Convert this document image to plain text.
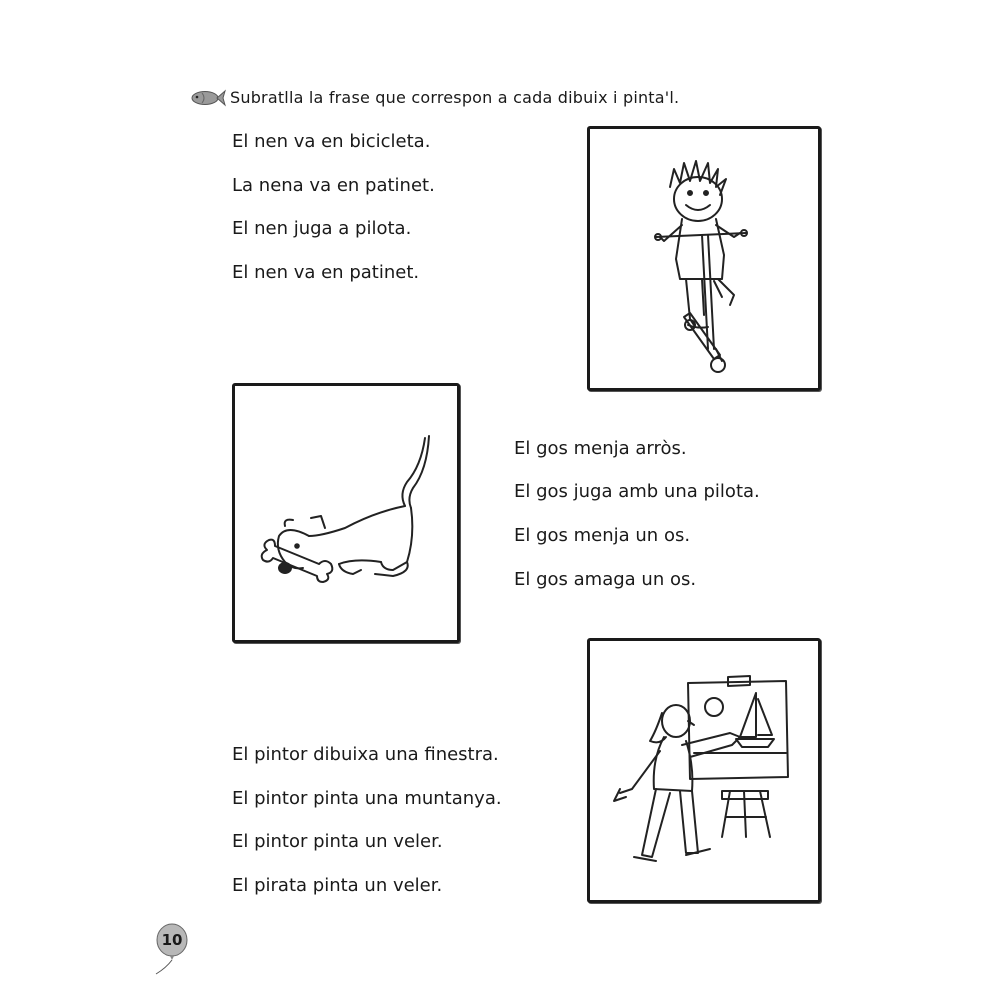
Subratlla la frase que correspon a cada dibuix i pinta'l.
El nen va en bicicleta.
La nena va en patinet.
El nen juga a pilota.
El nen va en patinet.
El gos menja arròs.
El gos juga amb una pilota.
El gos menja un os.
El gos amaga un os.
El pintor dibuixa una finestra.
El pintor pinta una muntanya.
El pintor pinta un veler.
El pirata pinta un veler.
10
